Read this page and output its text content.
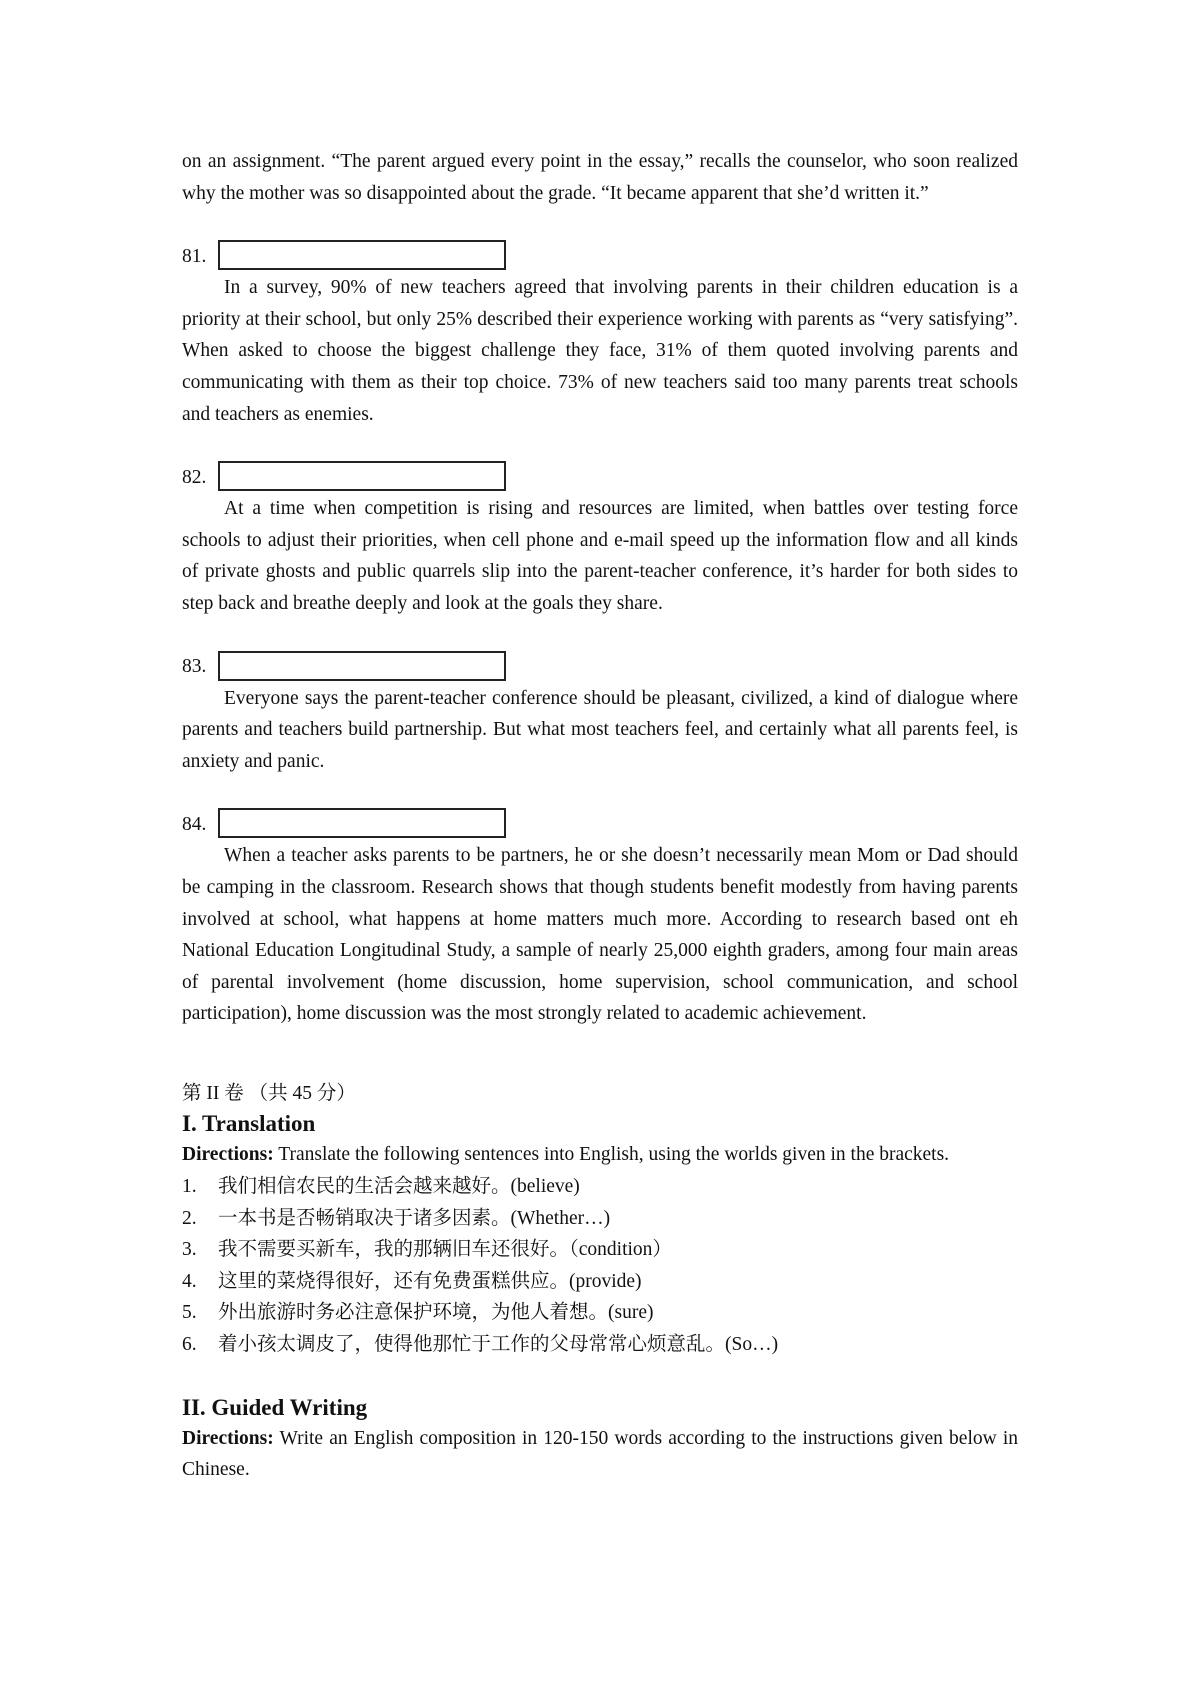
on an assignment. “The parent argued every point in the essay,” recalls the counselor, who soon realized why the mother was so disappointed about the grade. “It became apparent that she’d written it.”

81.

In a survey, 90% of new teachers agreed that involving parents in their children education is a priority at their school, but only 25% described their experience working with parents as “very satisfying”. When asked to choose the biggest challenge they face, 31% of them quoted involving parents and communicating with them as their top choice. 73% of new teachers said too many parents treat schools and teachers as enemies.

82.

At a time when competition is rising and resources are limited, when battles over testing force schools to adjust their priorities, when cell phone and e-mail speed up the information flow and all kinds of private ghosts and public quarrels slip into the parent-teacher conference, it’s harder for both sides to step back and breathe deeply and look at the goals they share.

83.

Everyone says the parent-teacher conference should be pleasant, civilized, a kind of dialogue where parents and teachers build partnership. But what most teachers feel, and certainly what all parents feel, is anxiety and panic.

84.

When a teacher asks parents to be partners, he or she doesn’t necessarily mean Mom or Dad should be camping in the classroom. Research shows that though students benefit modestly from having parents involved at school, what happens at home matters much more. According to research based ont eh National Education Longitudinal Study, a sample of nearly 25,000 eighth graders, among four main areas of parental involvement (home discussion, home supervision, school communication, and school participation), home discussion was the most strongly related to academic achievement.

第 II 卷 （共 45 分）
I. Translation

Directions: Translate the following sentences into English, using the worlds given in the brackets.

1.	我们相信农民的生活会越来越好。(believe)
2.	一本书是否畅销取决于诸多因素。(Whether…)
3.	我不需要买新车，我的那辆旧车还很好。（condition）
4.	这里的菜烧得很好，还有免费蛋糕供应。(provide)
5.	外出旅游时务必注意保护环境，为他人着想。(sure)
6.	着小孩太调皮了，使得他那忙于工作的父母常常心烦意乱。(So…)
II. Guided Writing

Directions: Write an English composition in 120-150 words according to the instructions given below in Chinese.
